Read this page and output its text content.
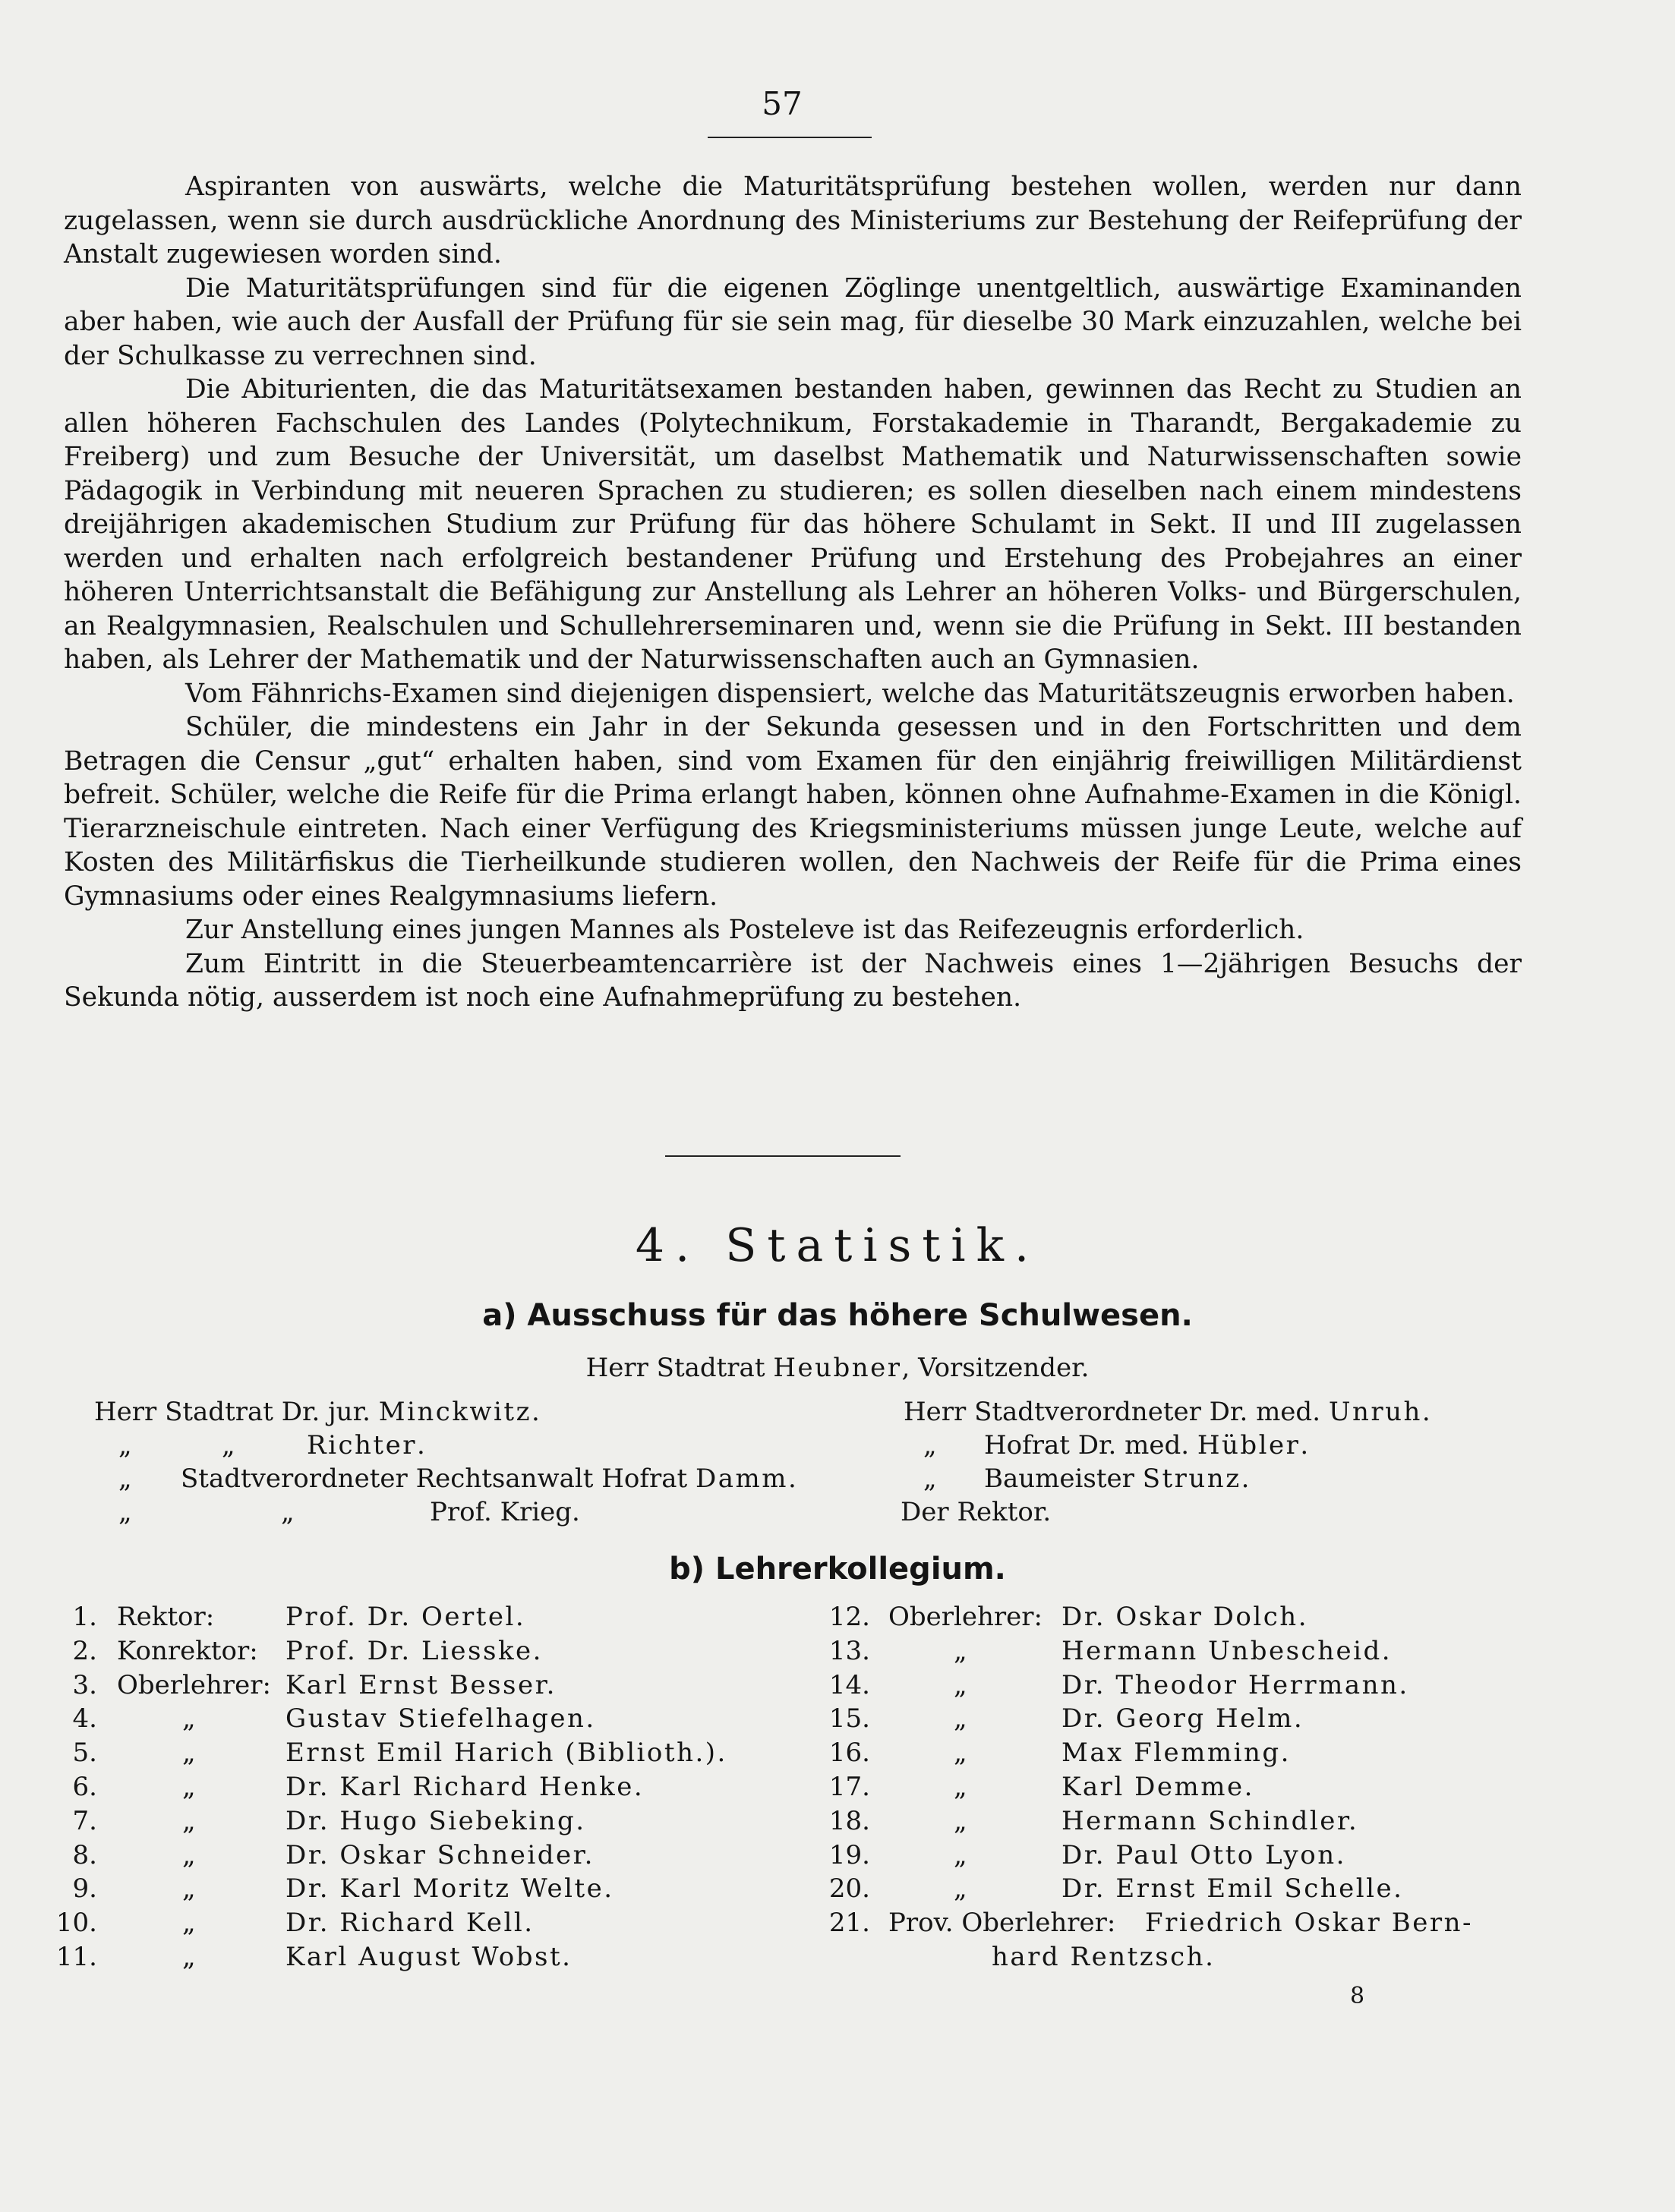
57

Aspiranten von auswärts, welche die Maturitätsprüfung bestehen wollen, werden nur dann zugelassen, wenn sie durch ausdrückliche Anordnung des Ministeriums zur Bestehung der Reifeprüfung der Anstalt zugewiesen worden sind.

Die Maturitätsprüfungen sind für die eigenen Zöglinge unentgeltlich, auswärtige Examinanden aber haben, wie auch der Ausfall der Prüfung für sie sein mag, für dieselbe 30 Mark einzuzahlen, welche bei der Schulkasse zu verrechnen sind.

Die Abiturienten, die das Maturitätsexamen bestanden haben, gewinnen das Recht zu Studien an allen höheren Fachschulen des Landes (Polytechnikum, Forstakademie in Tharandt, Bergakademie zu Freiberg) und zum Besuche der Universität, um daselbst Mathematik und Naturwissenschaften sowie Pädagogik in Verbindung mit neueren Sprachen zu studieren; es sollen dieselben nach einem mindestens dreijährigen akademischen Studium zur Prüfung für das höhere Schulamt in Sekt. II und III zugelassen werden und erhalten nach erfolgreich bestandener Prüfung und Erstehung des Probejahres an einer höheren Unterrichtsanstalt die Befähigung zur Anstellung als Lehrer an höheren Volks- und Bürgerschulen, an Realgymnasien, Realschulen und Schullehrerseminaren und, wenn sie die Prüfung in Sekt. III bestanden haben, als Lehrer der Mathematik und der Naturwissenschaften auch an Gymnasien.

Vom Fähnrichs-Examen sind diejenigen dispensiert, welche das Maturitätszeugnis erworben haben.

Schüler, die mindestens ein Jahr in der Sekunda gesessen und in den Fortschritten und dem Betragen die Censur „gut“ erhalten haben, sind vom Examen für den einjährig freiwilligen Militärdienst befreit. Schüler, welche die Reife für die Prima erlangt haben, können ohne Aufnahme-Examen in die Königl. Tierarzneischule eintreten. Nach einer Verfügung des Kriegsministeriums müssen junge Leute, welche auf Kosten des Militärfiskus die Tierheilkunde studieren wollen, den Nachweis der Reife für die Prima eines Gymnasiums oder eines Realgymnasiums liefern.

Zur Anstellung eines jungen Mannes als Posteleve ist das Reifezeugnis erforderlich.

Zum Eintritt in die Steuerbeamtencarrière ist der Nachweis eines 1—2jährigen Besuchs der Sekunda nötig, ausserdem ist noch eine Aufnahmeprüfung zu bestehen.

4. Statistik.
a) Ausschuss für das höhere Schulwesen.
Herr Stadtrat Heubner, Vorsitzender.
Herr Stadtrat Dr. jur. Minckwitz.
„	„	Richter.
„ Stadtverordneter Rechtsanwalt Hofrat Damm.
„	„	Prof. Krieg.
Herr Stadtverordneter Dr. med. Unruh.
„ Hofrat Dr. med. Hübler.
„ Baumeister Strunz.
Der Rektor.
b) Lehrerkollegium.
1. Rektor:	Prof. Dr. Oertel.
2. Konrektor: Prof. Dr. Liesske.
3. Oberlehrer: Karl Ernst Besser.
4.	„	Gustav Stiefelhagen.
5.	„	Ernst Emil Harich (Biblioth.).
6.	„	Dr. Karl Richard Henke.
7.	„	Dr. Hugo Siebeking.
8.	„	Dr. Oskar Schneider.
9.	„	Dr. Karl Moritz Welte.
10.	„	Dr. Richard Kell.
11.	„	Karl August Wobst.
12. Oberlehrer: Dr. Oskar Dolch.
13.	„	Hermann Unbescheid.
14.	„	Dr. Theodor Herrmann.
15.	„	Dr. Georg Helm.
16.	„	Max Flemming.
17.	„	Karl Demme.
18.	„	Hermann Schindler.
19.	„	Dr. Paul Otto Lyon.
20.	„	Dr. Ernst Emil Schelle.
21. Prov. Oberlehrer: Friedrich Oskar Bern-
hard Rentzsch.
8
